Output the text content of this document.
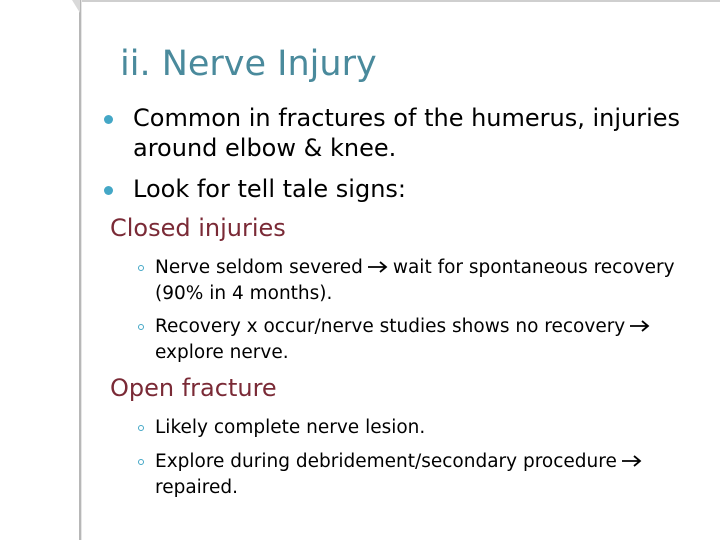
ii. Nerve Injury
Common in fractures of the humerus, injuries
around elbow & knee.
Look for tell tale signs:
Closed injuries
Nerve seldom severed wait for spontaneous recovery
(90% in 4 months).
Recovery x occur/nerve studies shows no recovery
explore nerve.
Open fracture
Likely complete nerve lesion.
Explore during debridement/secondary procedure
repaired.
